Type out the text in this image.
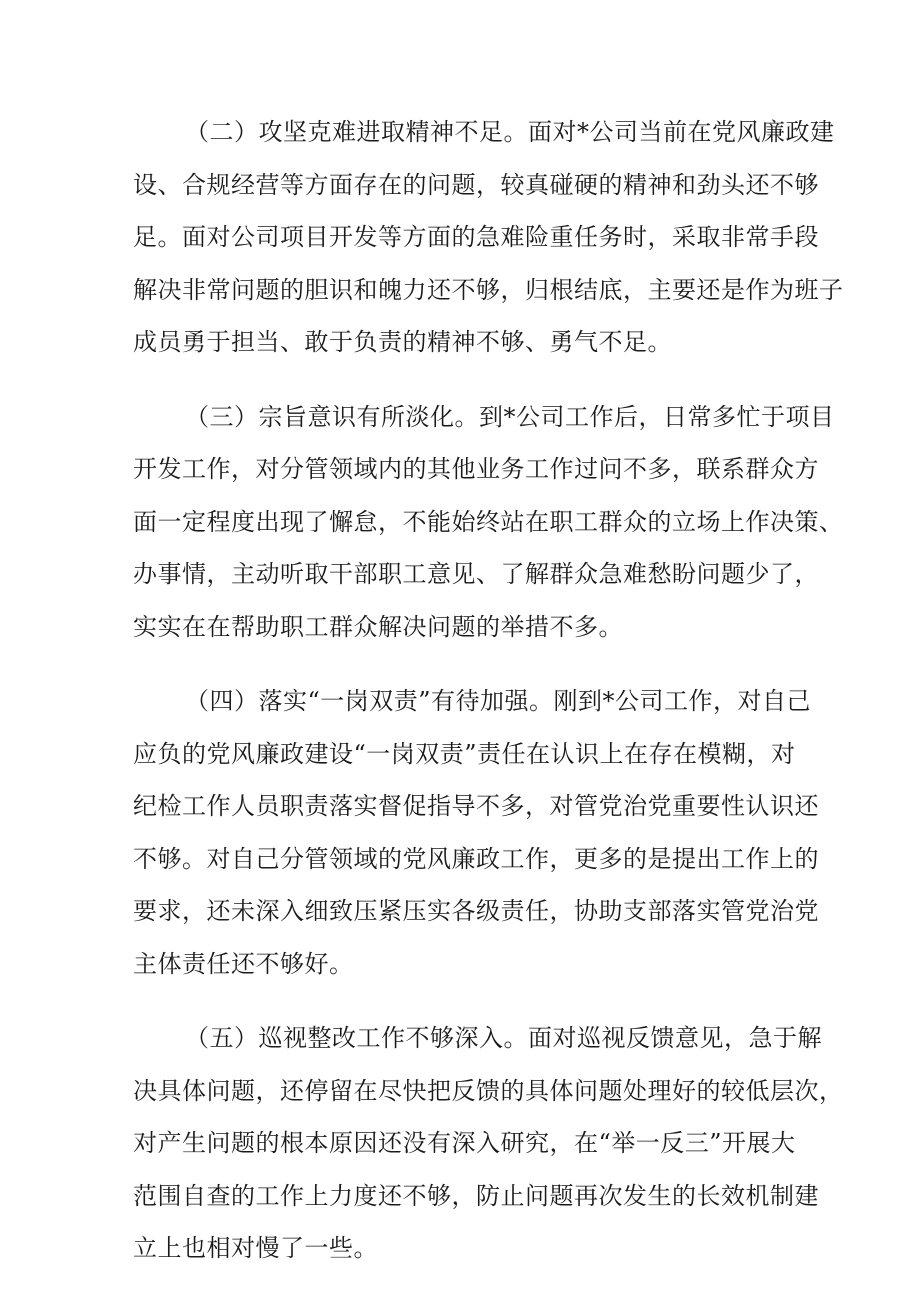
（二）攻坚克难进取精神不足。面对*公司当前在党风廉政建
设、合规经营等方面存在的问题，较真碰硬的精神和劲头还不够
足。面对公司项目开发等方面的急难险重任务时，采取非常手段
解决非常问题的胆识和魄力还不够，归根结底，主要还是作为班子
成员勇于担当、敢于负责的精神不够、勇气不足。
（三）宗旨意识有所淡化。到*公司工作后，日常多忙于项目
开发工作，对分管领域内的其他业务工作过问不多，联系群众方
面一定程度出现了懈怠，不能始终站在职工群众的立场上作决策、
办事情，主动听取干部职工意见、了解群众急难愁盼问题少了，
实实在在帮助职工群众解决问题的举措不多。
（四）落实“一岗双责”有待加强。刚到*公司工作，对自己
应负的党风廉政建设“一岗双责”责任在认识上在存在模糊，对
纪检工作人员职责落实督促指导不多，对管党治党重要性认识还
不够。对自己分管领域的党风廉政工作，更多的是提出工作上的
要求，还未深入细致压紧压实各级责任，协助支部落实管党治党
主体责任还不够好。
（五）巡视整改工作不够深入。面对巡视反馈意见，急于解
决具体问题，还停留在尽快把反馈的具体问题处理好的较低层次，
对产生问题的根本原因还没有深入研究，在“举一反三”开展大
范围自查的工作上力度还不够，防止问题再次发生的长效机制建
立上也相对慢了一些。
